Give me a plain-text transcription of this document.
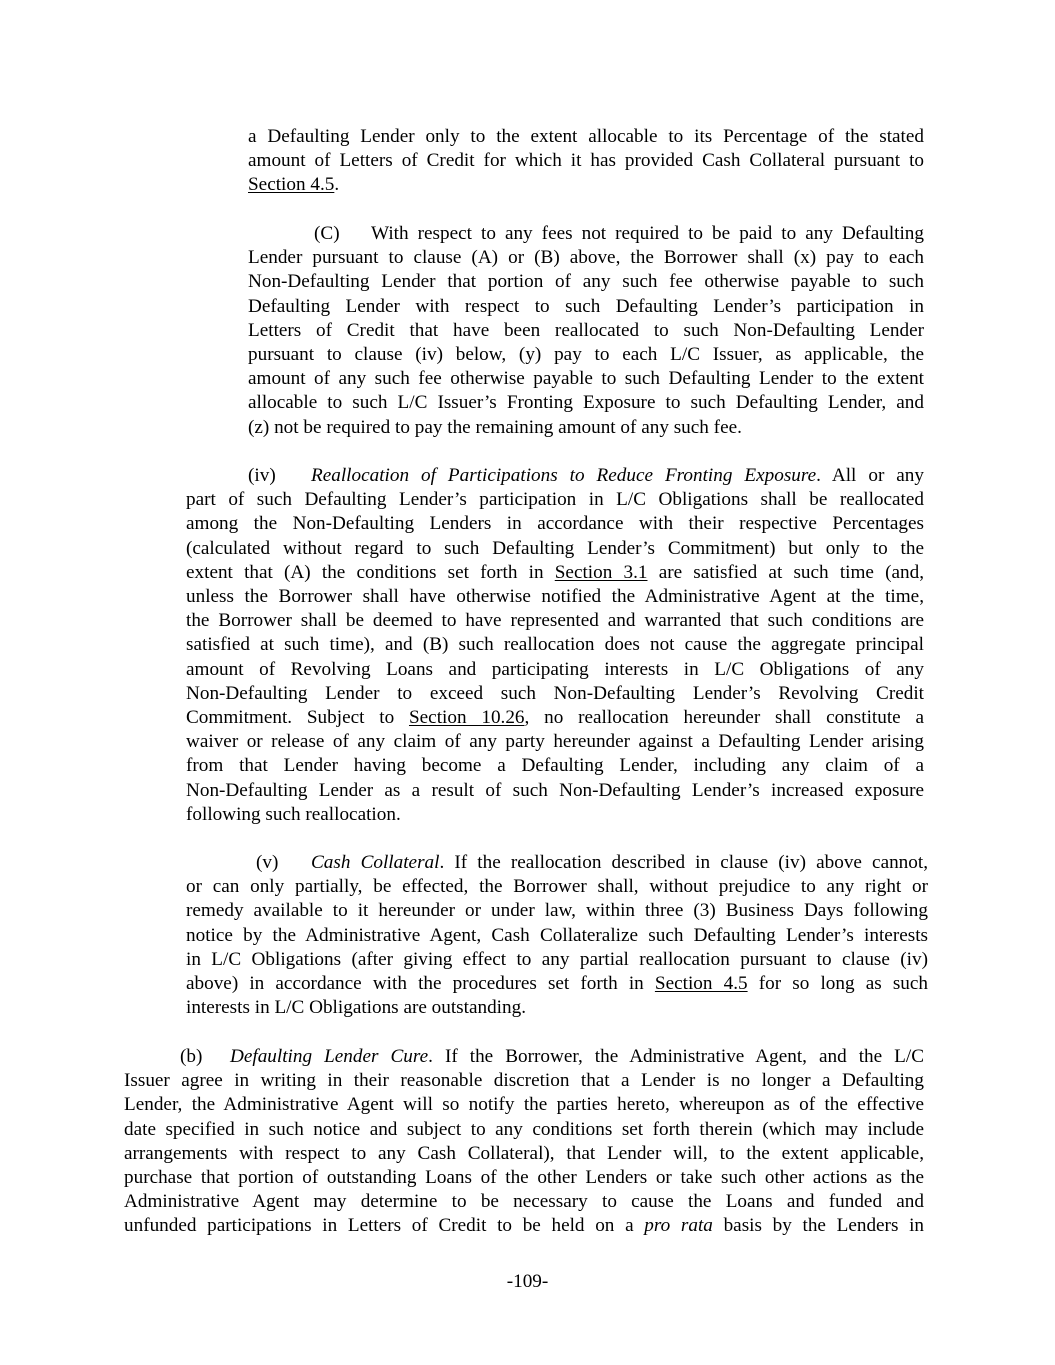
a Defaulting Lender only to the extent allocable to its Percentage of the stated
amount of Letters of Credit for which it has provided Cash Collateral pursuant to
Section 4.5.
(C) With respect to any fees not required to be paid to any Defaulting
Lender pursuant to clause (A) or (B) above, the Borrower shall (x) pay to each
Non-Defaulting Lender that portion of any such fee otherwise payable to such
Defaulting Lender with respect to such Defaulting Lender’s participation in
Letters of Credit that have been reallocated to such Non-Defaulting Lender
pursuant to clause (iv) below, (y) pay to each L/C Issuer, as applicable, the
amount of any such fee otherwise payable to such Defaulting Lender to the extent
allocable to such L/C Issuer’s Fronting Exposure to such Defaulting Lender, and
(z) not be required to pay the remaining amount of any such fee.
(iv) Reallocation of Participations to Reduce Fronting Exposure. All or any
part of such Defaulting Lender’s participation in L/C Obligations shall be reallocated
among the Non-Defaulting Lenders in accordance with their respective Percentages
(calculated without regard to such Defaulting Lender’s Commitment) but only to the
extent that (A) the conditions set forth in Section 3.1 are satisfied at such time (and,
unless the Borrower shall have otherwise notified the Administrative Agent at the time,
the Borrower shall be deemed to have represented and warranted that such conditions are
satisfied at such time), and (B) such reallocation does not cause the aggregate principal
amount of Revolving Loans and participating interests in L/C Obligations of any
Non-Defaulting Lender to exceed such Non-Defaulting Lender’s Revolving Credit
Commitment. Subject to Section 10.26, no reallocation hereunder shall constitute a
waiver or release of any claim of any party hereunder against a Defaulting Lender arising
from that Lender having become a Defaulting Lender, including any claim of a
Non-Defaulting Lender as a result of such Non-Defaulting Lender’s increased exposure
following such reallocation.
(v) Cash Collateral. If the reallocation described in clause (iv) above cannot,
or can only partially, be effected, the Borrower shall, without prejudice to any right or
remedy available to it hereunder or under law, within three (3) Business Days following
notice by the Administrative Agent, Cash Collateralize such Defaulting Lender’s interests
in L/C Obligations (after giving effect to any partial reallocation pursuant to clause (iv)
above) in accordance with the procedures set forth in Section 4.5 for so long as such
interests in L/C Obligations are outstanding.
(b) Defaulting Lender Cure. If the Borrower, the Administrative Agent, and the L/C
Issuer agree in writing in their reasonable discretion that a Lender is no longer a Defaulting
Lender, the Administrative Agent will so notify the parties hereto, whereupon as of the effective
date specified in such notice and subject to any conditions set forth therein (which may include
arrangements with respect to any Cash Collateral), that Lender will, to the extent applicable,
purchase that portion of outstanding Loans of the other Lenders or take such other actions as the
Administrative Agent may determine to be necessary to cause the Loans and funded and
unfunded participations in Letters of Credit to be held on a pro rata basis by the Lenders in
-109-
